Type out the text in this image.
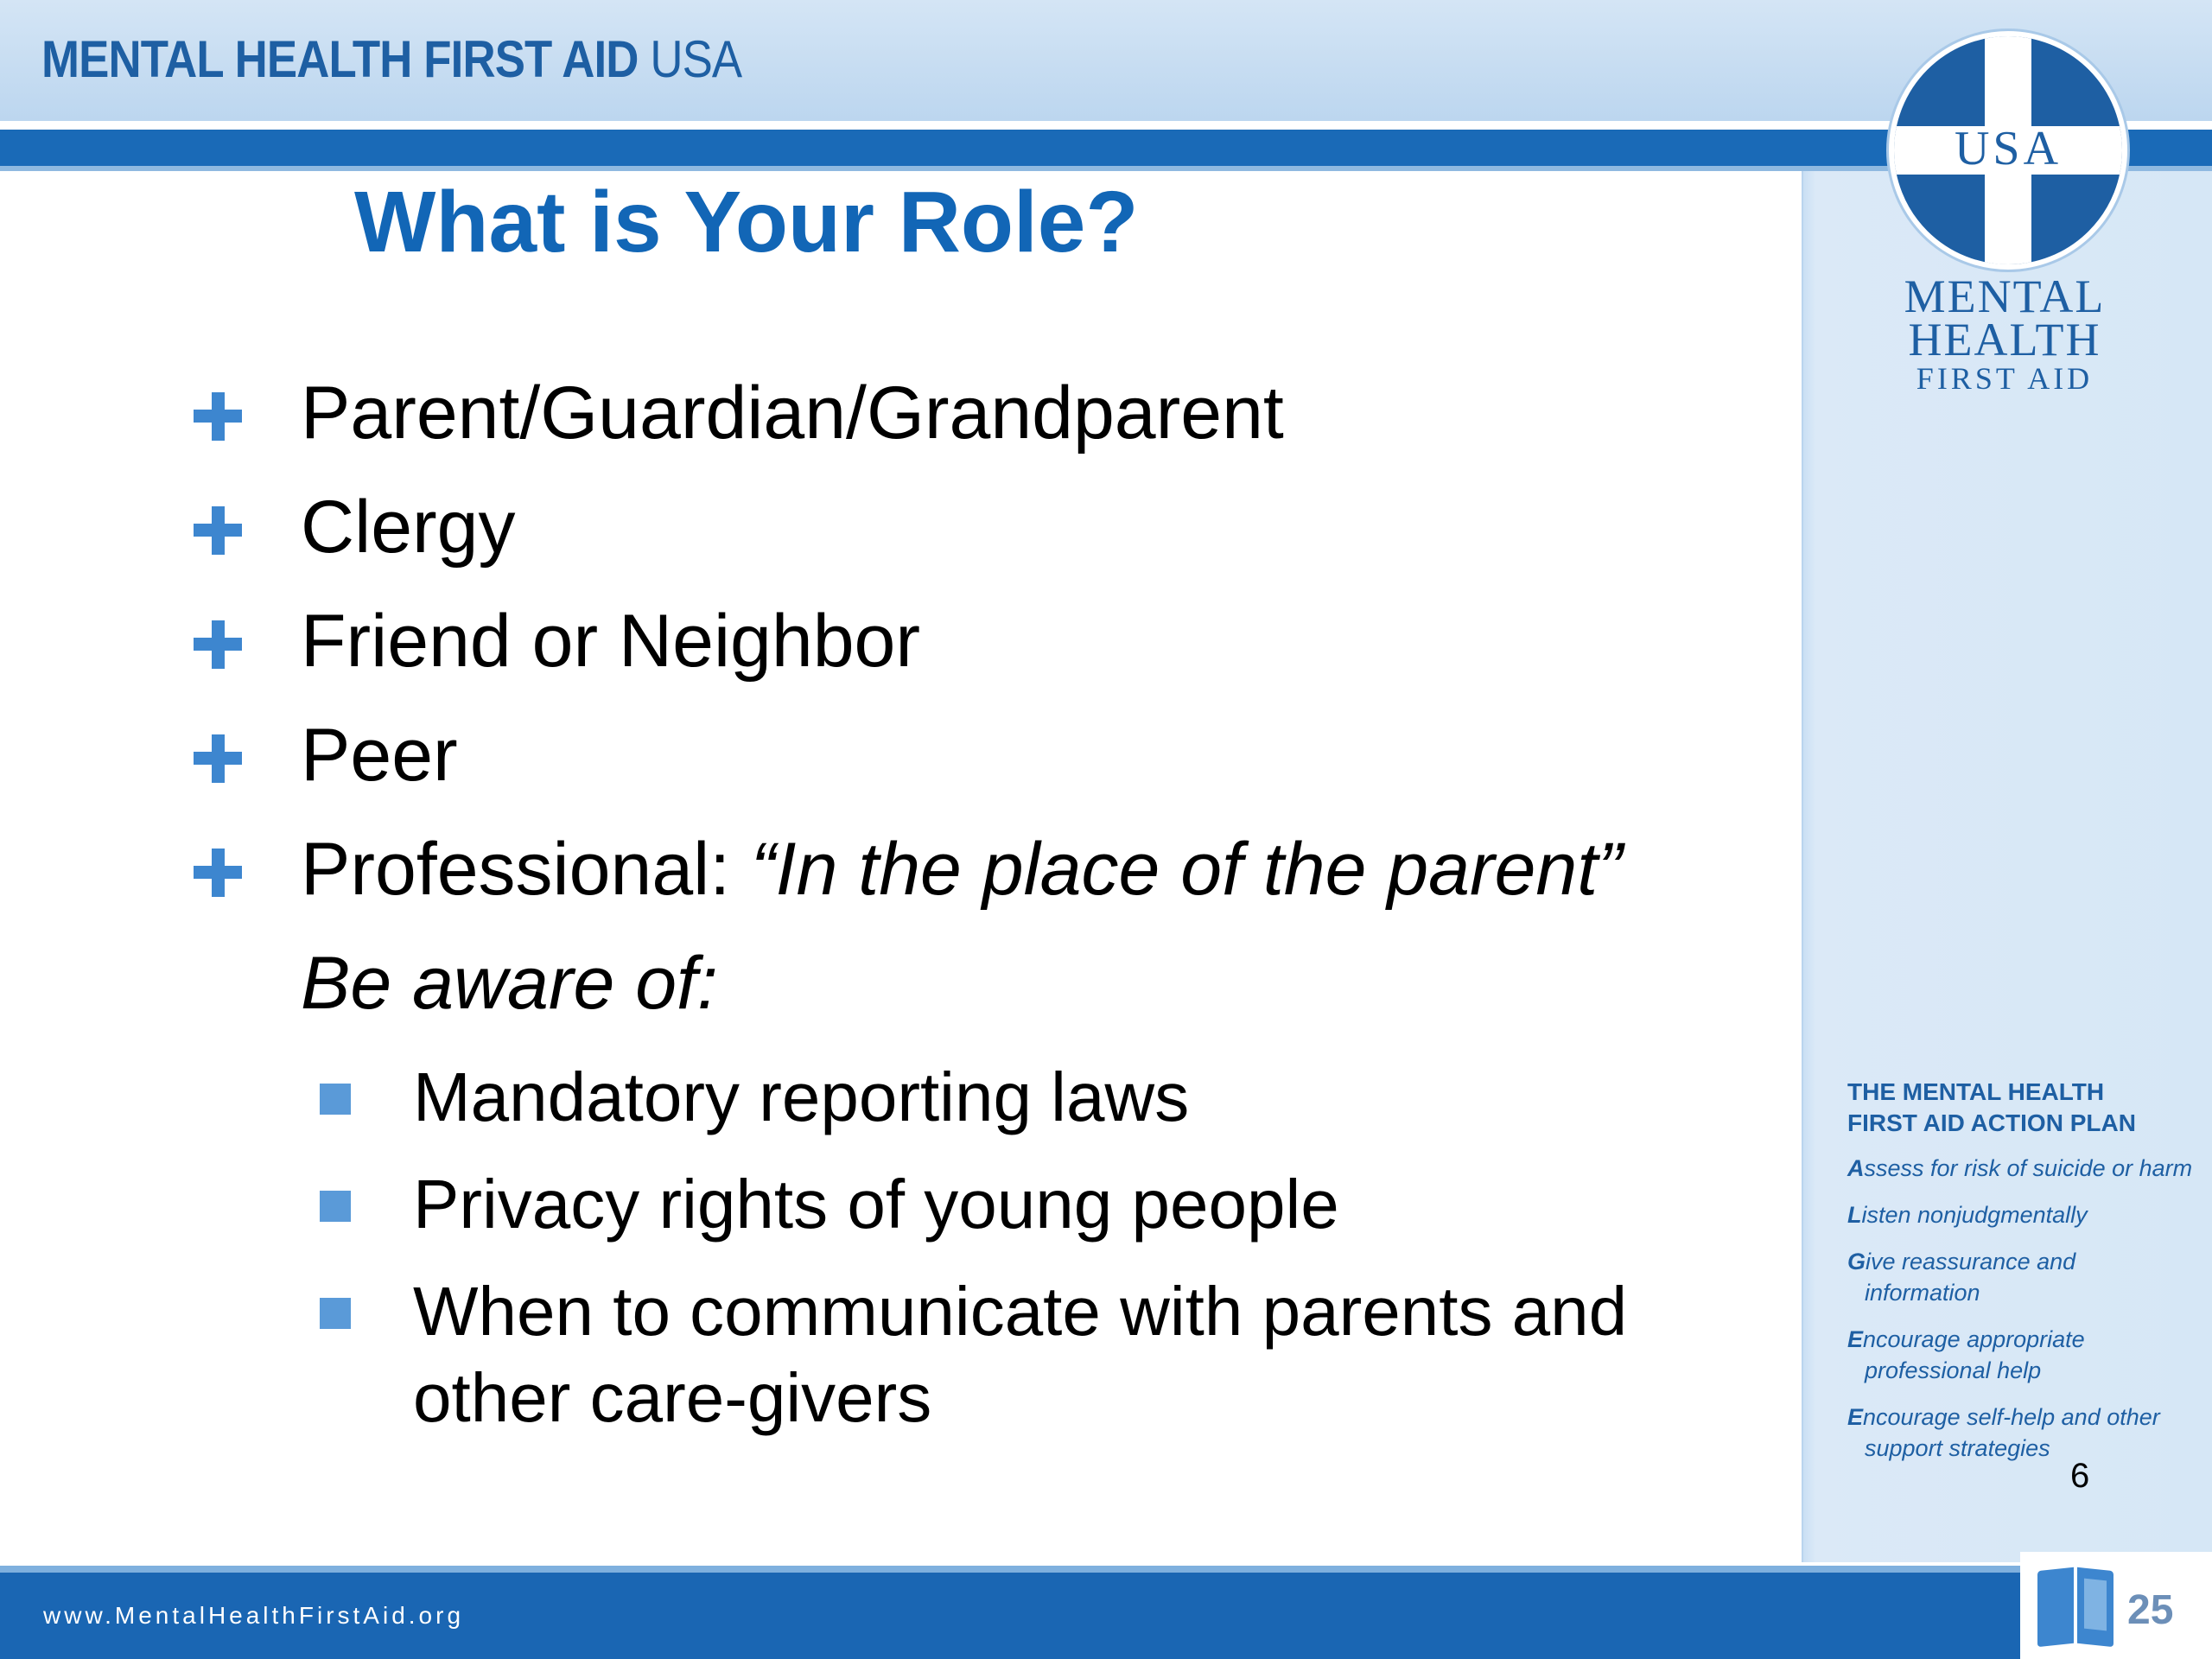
MENTAL HEALTH FIRST AID USA
USA
MENTAL
HEALTH
FIRST AID
What is Your Role?
Parent/Guardian/Grandparent
Clergy
Friend or Neighbor
Peer
Professional: “In the place of the parent”
Be aware of:
Mandatory reporting laws
Privacy rights of young people
When to communicate with parents and
other care-givers
THE MENTAL HEALTH
FIRST AID ACTION PLAN
Assess for risk of suicide or harm
Listen nonjudgmentally
Give reassurance and information
Encourage appropriate professional help
Encourage self-help and other support strategies
6
www.MentalHealthFirstAid.org	25
